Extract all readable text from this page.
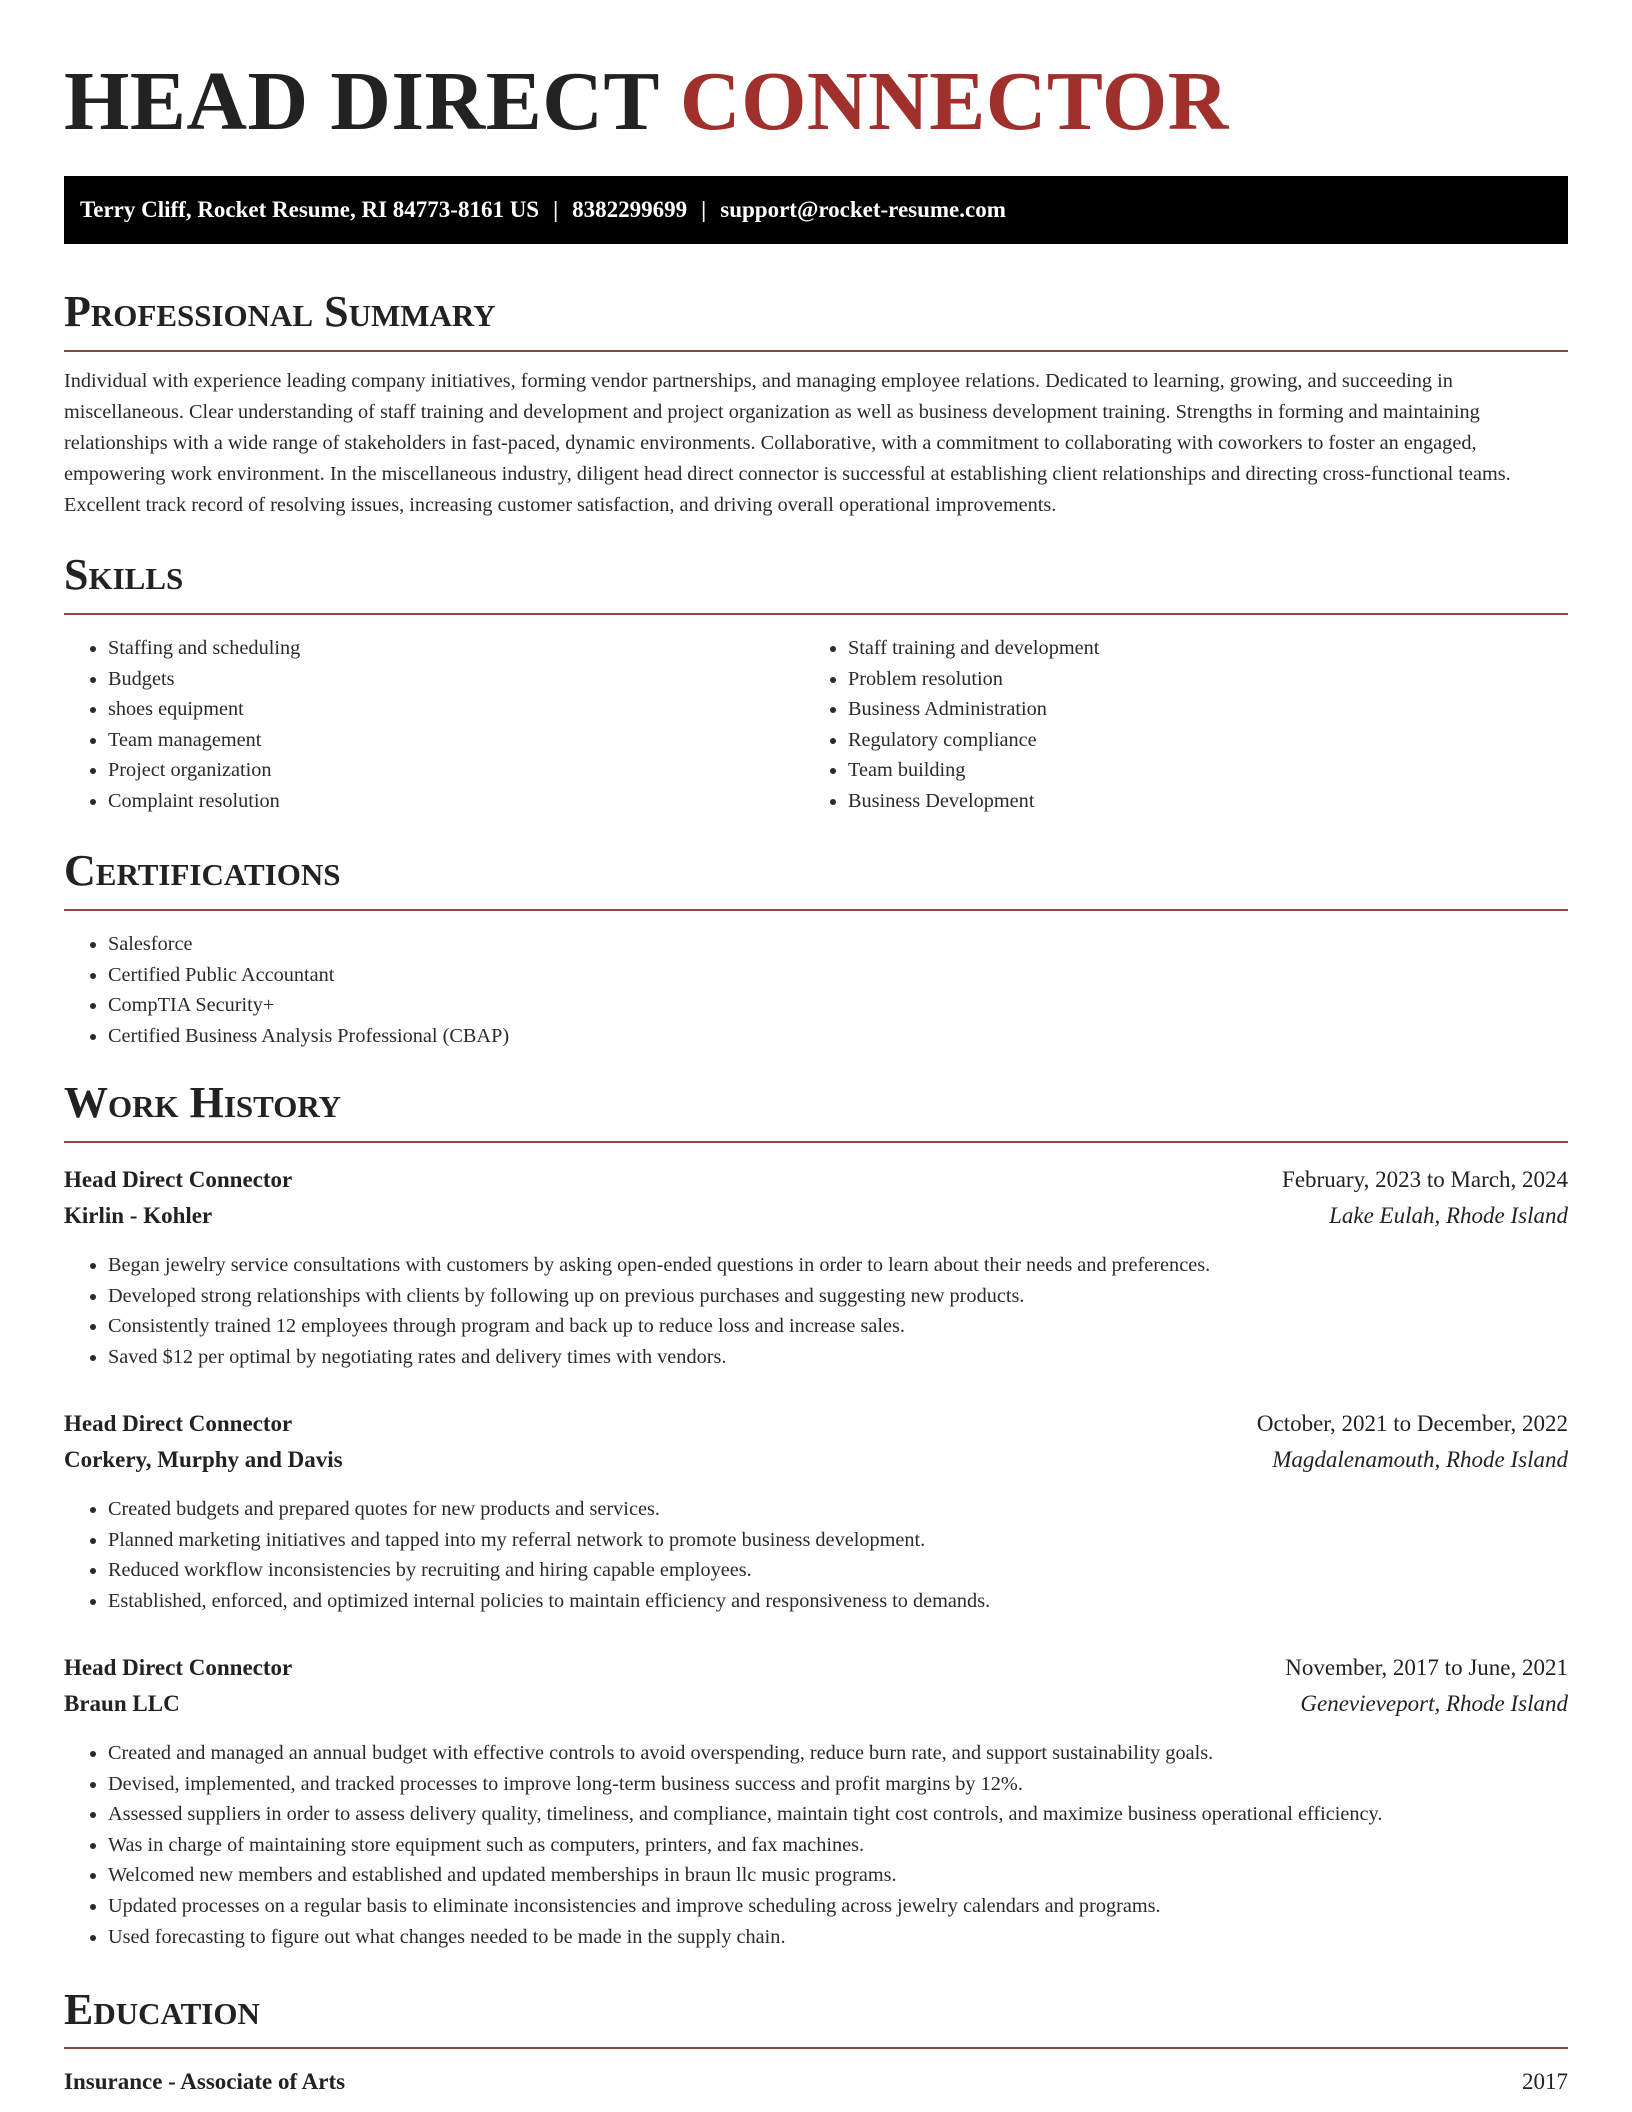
HEAD DIRECT CONNECTOR
Terry Cliff, Rocket Resume, RI 84773-8161 US | 8382299699 | support@rocket-resume.com
Professional Summary

Individual with experience leading company initiatives, forming vendor partnerships, and managing employee relations. Dedicated to learning, growing, and succeeding in miscellaneous. Clear understanding of staff training and development and project organization as well as business development training. Strengths in forming and maintaining relationships with a wide range of stakeholders in fast-paced, dynamic environments. Collaborative, with a commitment to collaborating with coworkers to foster an engaged, empowering work environment. In the miscellaneous industry, diligent head direct connector is successful at establishing client relationships and directing cross-functional teams. Excellent track record of resolving issues, increasing customer satisfaction, and driving overall operational improvements.

Skills
• Staffing and scheduling
• Budgets
• shoes equipment
• Team management
• Project organization
• Complaint resolution
• Staff training and development
• Problem resolution
• Business Administration
• Regulatory compliance
• Team building
• Business Development
Certifications
• Salesforce
• Certified Public Accountant
• CompTIA Security+
• Certified Business Analysis Professional (CBAP)
Work History
Head Direct Connector	February, 2023 to March, 2024
Kirlin - Kohler	Lake Eulah, Rhode Island
• Began jewelry service consultations with customers by asking open-ended questions in order to learn about their needs and preferences.
• Developed strong relationships with clients by following up on previous purchases and suggesting new products.
• Consistently trained 12 employees through program and back up to reduce loss and increase sales.
• Saved $12 per optimal by negotiating rates and delivery times with vendors.
Head Direct Connector	October, 2021 to December, 2022
Corkery, Murphy and Davis	Magdalenamouth, Rhode Island
• Created budgets and prepared quotes for new products and services.
• Planned marketing initiatives and tapped into my referral network to promote business development.
• Reduced workflow inconsistencies by recruiting and hiring capable employees.
• Established, enforced, and optimized internal policies to maintain efficiency and responsiveness to demands.
Head Direct Connector	November, 2017 to June, 2021
Braun LLC	Genevieveport, Rhode Island
• Created and managed an annual budget with effective controls to avoid overspending, reduce burn rate, and support sustainability goals.
• Devised, implemented, and tracked processes to improve long-term business success and profit margins by 12%.
• Assessed suppliers in order to assess delivery quality, timeliness, and compliance, maintain tight cost controls, and maximize business operational efficiency.
• Was in charge of maintaining store equipment such as computers, printers, and fax machines.
• Welcomed new members and established and updated memberships in braun llc music programs.
• Updated processes on a regular basis to eliminate inconsistencies and improve scheduling across jewelry calendars and programs.
• Used forecasting to figure out what changes needed to be made in the supply chain.
Education
Insurance - Associate of Arts	2017
